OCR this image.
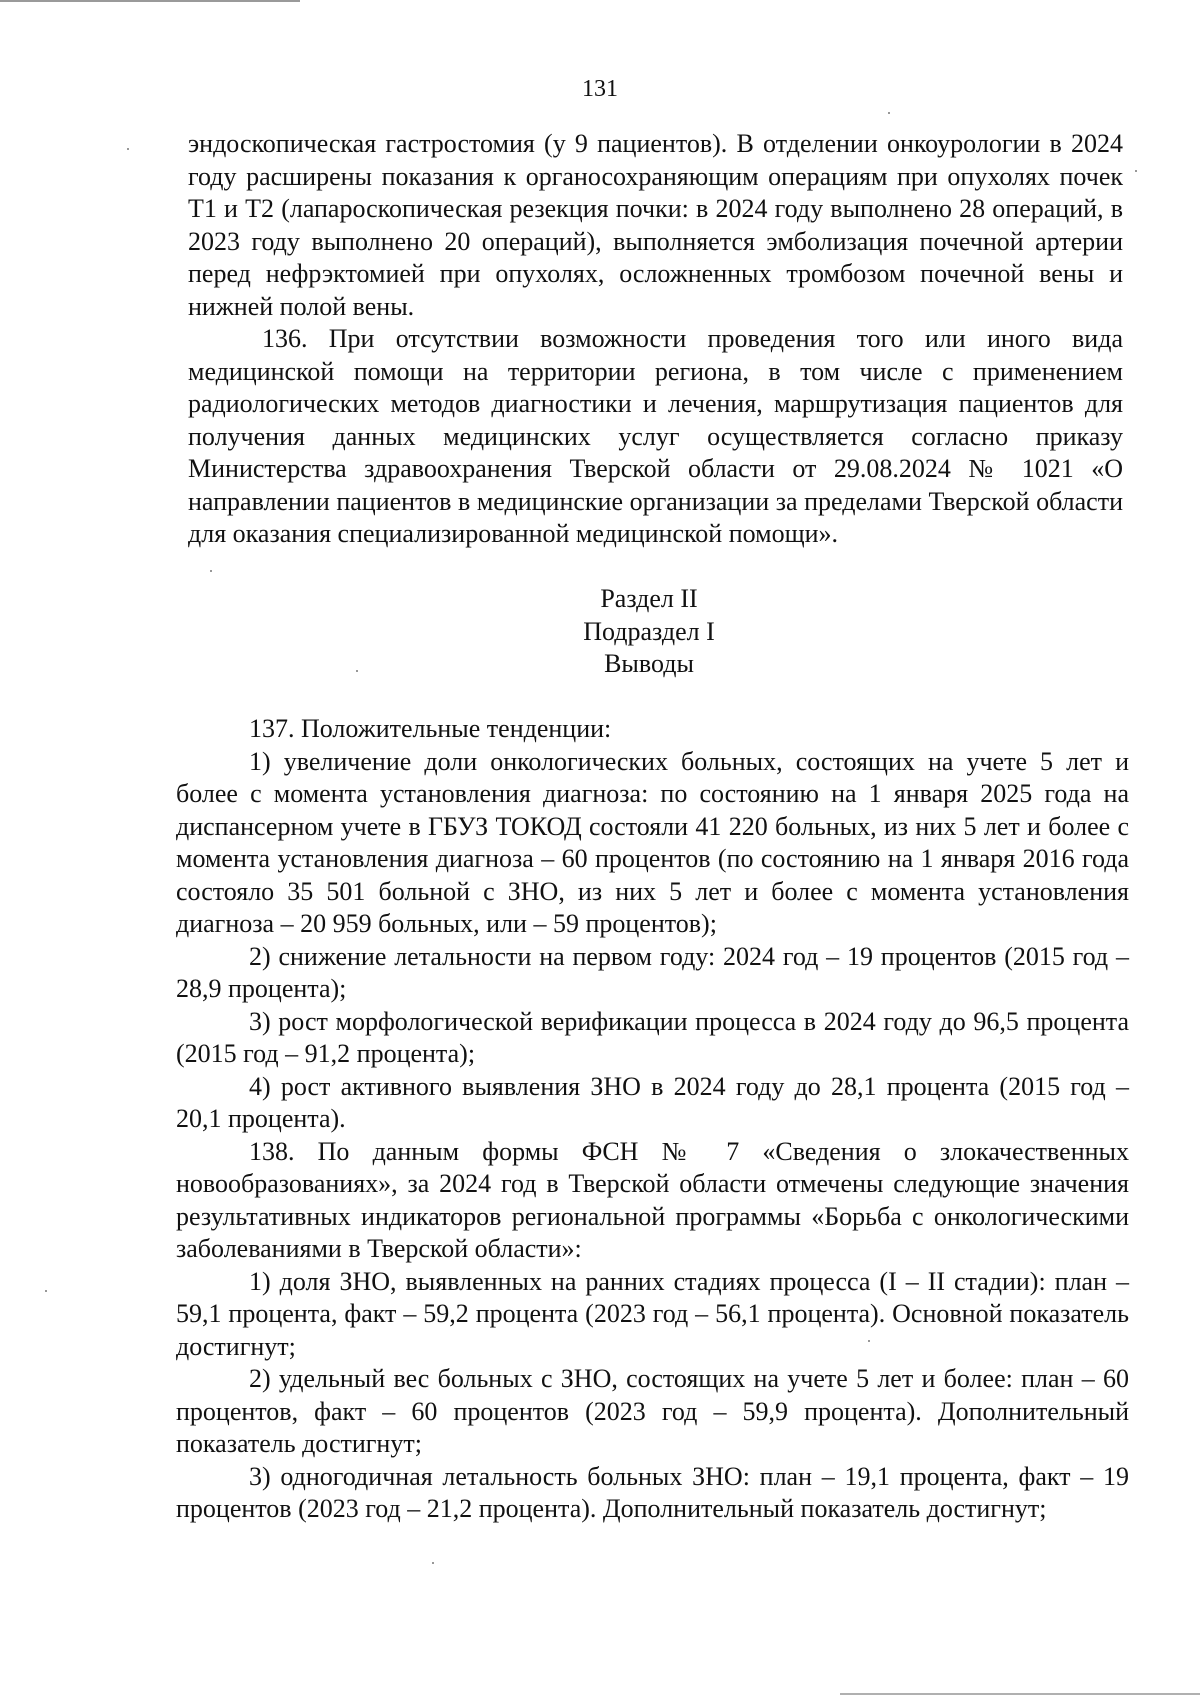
131

эндоскопическая гастростомия (у 9 пациентов). В отделении онкоурологии в 2024 году расширены показания к органосохраняющим операциям при опухолях почек Т1 и Т2 (лапароскопическая резекция почки: в 2024 году выполнено 28 операций, в 2023 году выполнено 20 операций), выполняется эмболизация почечной артерии перед нефрэктомией при опухолях, осложненных тромбозом почечной вены и нижней полой вены.

136. При отсутствии возможности проведения того или иного вида медицинской помощи на территории региона, в том числе с применением радиологических методов диагностики и лечения, маршрутизация пациентов для получения данных медицинских услуг осуществляется согласно приказу Министерства здравоохранения Тверской области от 29.08.2024 № 1021 «О направлении пациентов в медицинские организации за пределами Тверской области для оказания специализированной медицинской помощи».

Раздел II
Подраздел I
Выводы

137. Положительные тенденции:

1) увеличение доли онкологических больных, состоящих на учете 5 лет и более с момента установления диагноза: по состоянию на 1 января 2025 года на диспансерном учете в ГБУЗ ТОКОД состояли 41 220 больных, из них 5 лет и более с момента установления диагноза – 60 процентов (по состоянию на 1 января 2016 года состояло 35 501 больной с ЗНО, из них 5 лет и более с момента установления диагноза – 20 959 больных, или – 59 процентов);

2) снижение летальности на первом году: 2024 год – 19 процентов (2015 год – 28,9 процента);

3) рост морфологической верификации процесса в 2024 году до 96,5 процента (2015 год – 91,2 процента);

4) рост активного выявления ЗНО в 2024 году до 28,1 процента (2015 год – 20,1 процента).

138. По данным формы ФСН № 7 «Сведения о злокачественных новообразованиях», за 2024 год в Тверской области отмечены следующие значения результативных индикаторов региональной программы «Борьба с онкологическими заболеваниями в Тверской области»:

1) доля ЗНО, выявленных на ранних стадиях процесса (I – II стадии): план – 59,1 процента, факт – 59,2 процента (2023 год – 56,1 процента). Основной показатель достигнут;

2) удельный вес больных с ЗНО, состоящих на учете 5 лет и более: план – 60 процентов, факт – 60 процентов (2023 год – 59,9 процента). Дополнительный показатель достигнут;

3) одногодичная летальность больных ЗНО: план – 19,1 процента, факт – 19 процентов (2023 год – 21,2 процента). Дополнительный показатель достигнут;
